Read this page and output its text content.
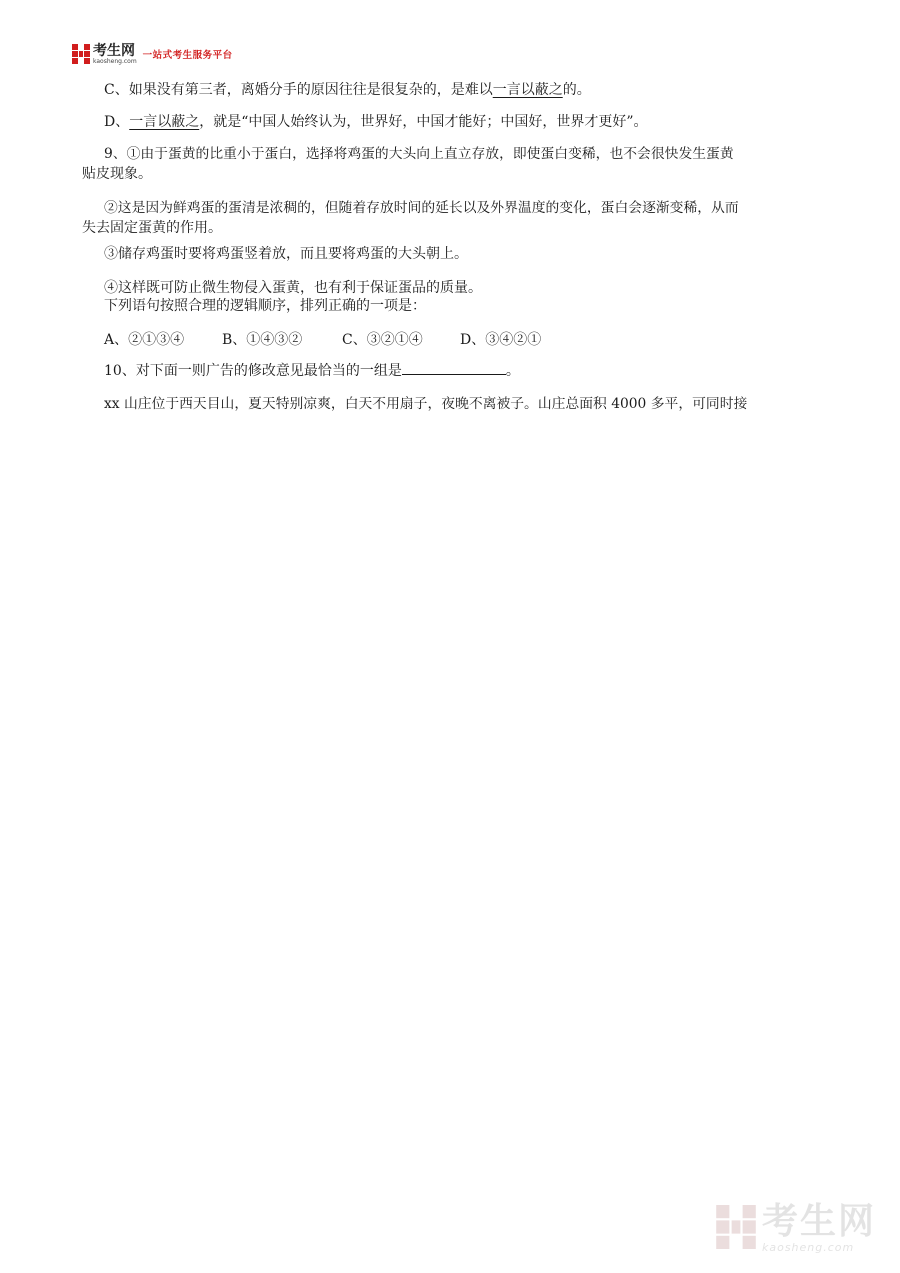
考生网
kaosheng.com 一站式考生服务平台

C、如果没有第三者，离婚分手的原因往往是很复杂的，是难以一言以蔽之的。

D、一言以蔽之，就是“中国人始终认为，世界好，中国才能好；中国好，世界才更好”。

9、①由于蛋黄的比重小于蛋白，选择将鸡蛋的大头向上直立存放，即使蛋白变稀，也不会很快发生蛋黄

贴皮现象。

②这是因为鲜鸡蛋的蛋清是浓稠的，但随着存放时间的延长以及外界温度的变化，蛋白会逐渐变稀，从而

失去固定蛋黄的作用。

③储存鸡蛋时要将鸡蛋竖着放，而且要将鸡蛋的大头朝上。

④这样既可防止微生物侵入蛋黄，也有利于保证蛋品的质量。

下列语句按照合理的逻辑顺序，排列正确的一项是：

A、②①③④	B、①④③②	C、③②①④	D、③④②①

10、对下面一则广告的修改意见最恰当的一组是	。

xx 山庄位于西天目山，夏天特别凉爽，白天不用扇子，夜晚不离被子。山庄总面积 4000 多平，可同时接

考生网
kaosheng.com
